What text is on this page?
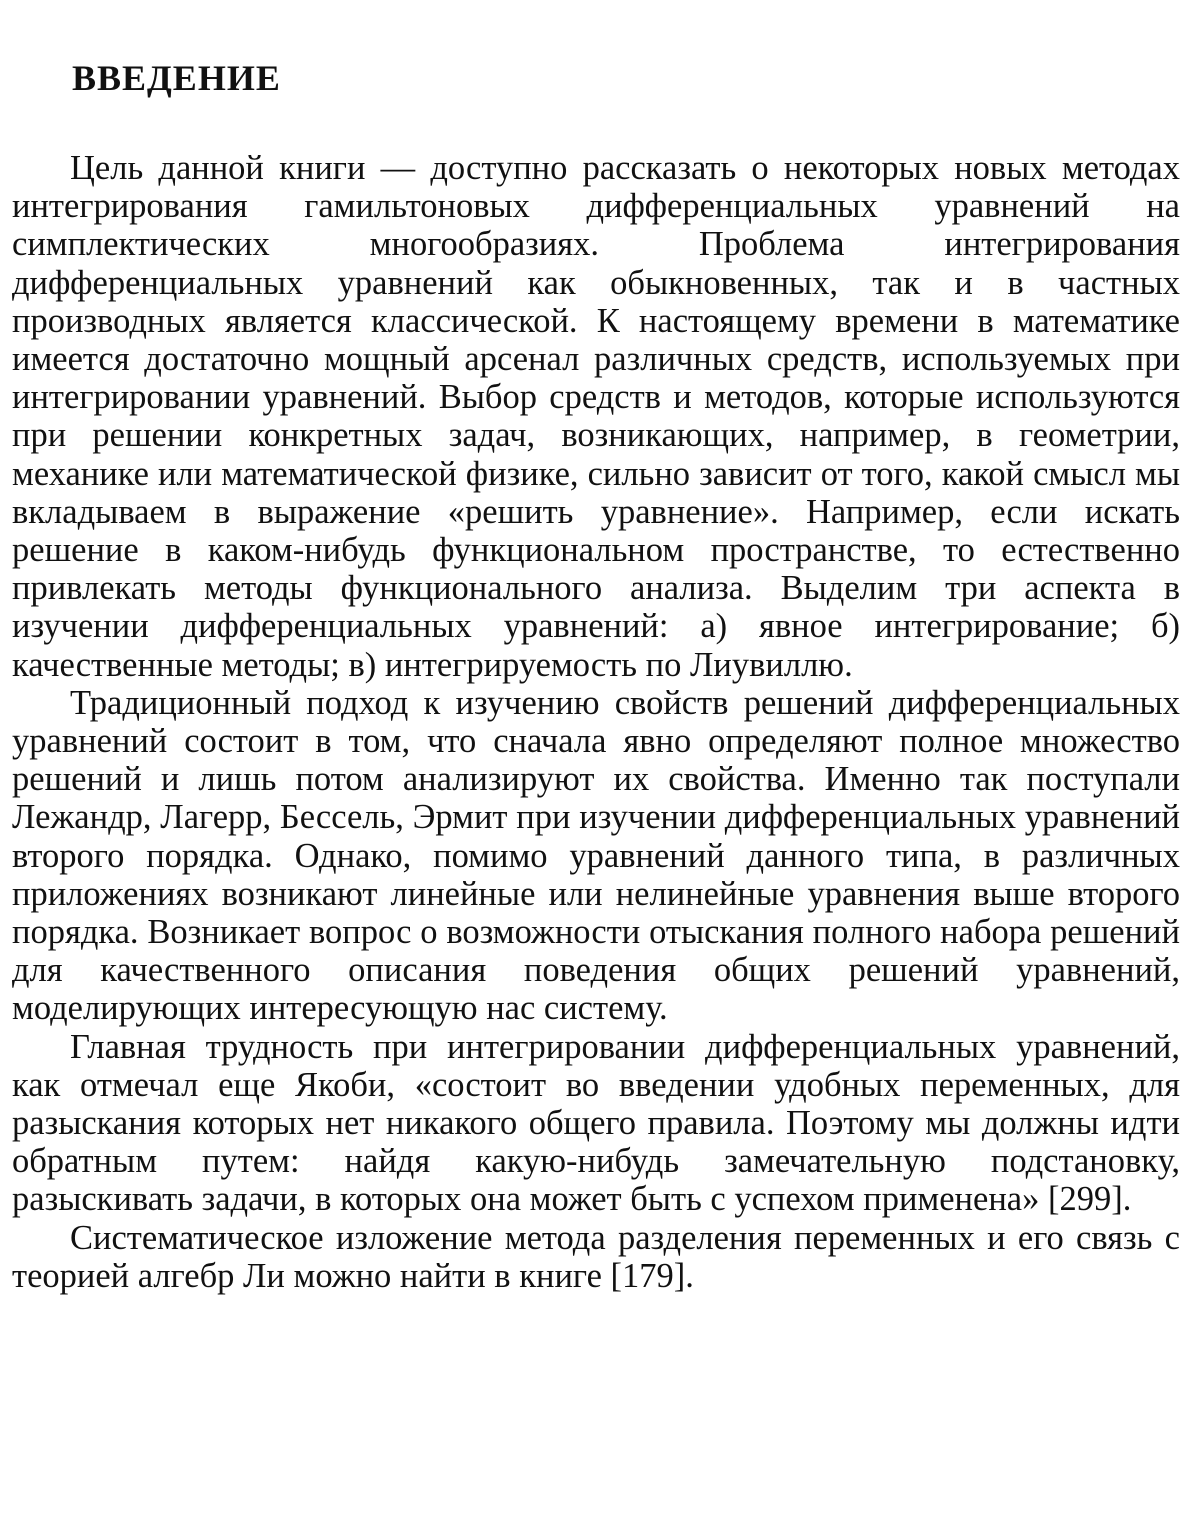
ВВЕДЕНИЕ

Цель данной книги — доступно рассказать о некоторых новых методах интегрирования гамильтоновых дифференциальных уравнений на симплектических многообразиях. Проблема интегрирования дифференциальных уравнений как обыкновенных, так и в частных производных является классической. К настоящему времени в математике имеется достаточно мощный арсенал различных средств, используемых при интегрировании уравнений. Выбор средств и методов, которые используются при решении конкретных задач, возникающих, например, в геометрии, механике или математической физике, сильно зависит от того, какой смысл мы вкладываем в выражение «решить уравнение». Например, если искать решение в каком-нибудь функциональном пространстве, то естественно привлекать методы функционального анализа. Выделим три аспекта в изучении дифференциальных уравнений: а) явное интегрирование; б) качественные методы; в) интегрируемость по Лиувиллю.

Традиционный подход к изучению свойств решений дифференциальных уравнений состоит в том, что сначала явно определяют полное множество решений и лишь потом анализируют их свойства. Именно так поступали Лежандр, Лагерр, Бессель, Эрмит при изучении дифференциальных уравнений второго порядка. Однако, помимо уравнений данного типа, в различных приложениях возникают линейные или нелинейные уравнения выше второго порядка. Возникает вопрос о возможности отыскания полного набора решений для качественного описания поведения общих решений уравнений, моделирующих интересующую нас систему.

Главная трудность при интегрировании дифференциальных уравнений, как отмечал еще Якоби, «состоит во введении удобных переменных, для разыскания которых нет никакого общего правила. Поэтому мы должны идти обратным путем: найдя какую-нибудь замечательную подстановку, разыскивать задачи, в которых она может быть с успехом применена» [299].

Систематическое изложение метода разделения переменных и его связь с теорией алгебр Ли можно найти в книге [179].
